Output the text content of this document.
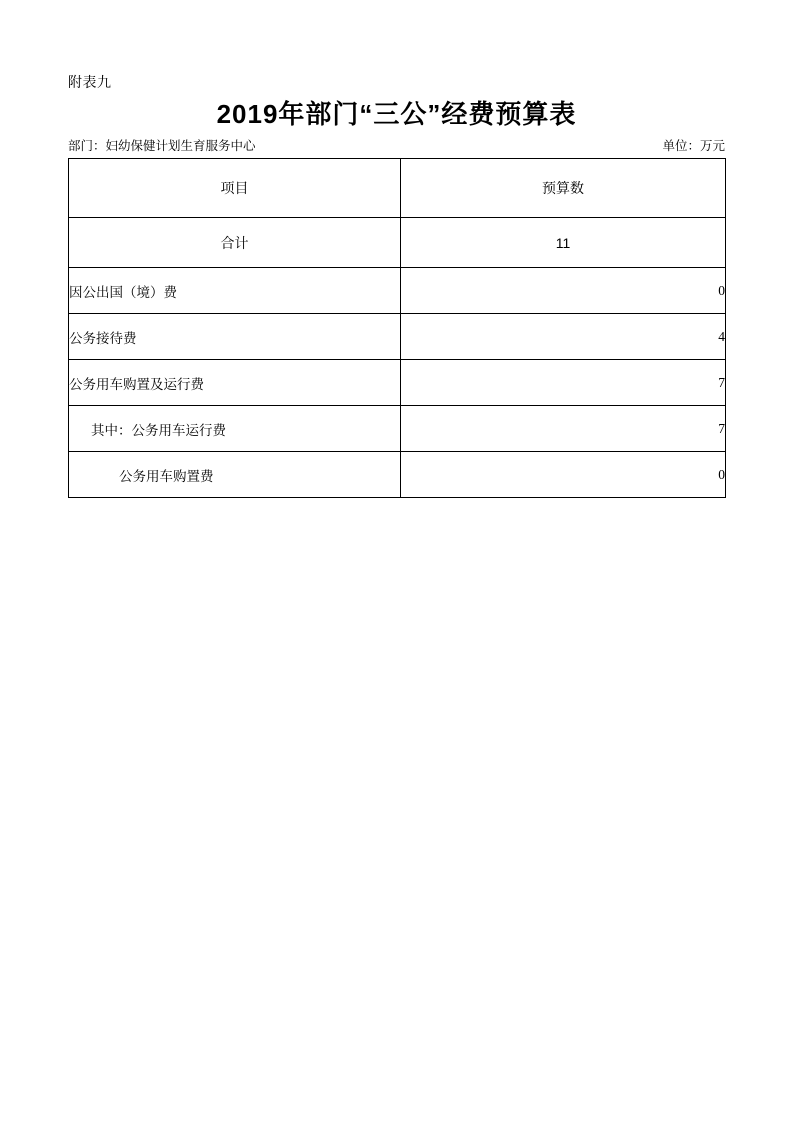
附表九
2019年部门“三公”经费预算表
部门：妇幼保健计划生育服务中心	单位：万元
项目	预算数
合计	11
因公出国（境）费	0
公务接待费	4
公务用车购置及运行费	7
其中：公务用车运行费	7
公务用车购置费	0
